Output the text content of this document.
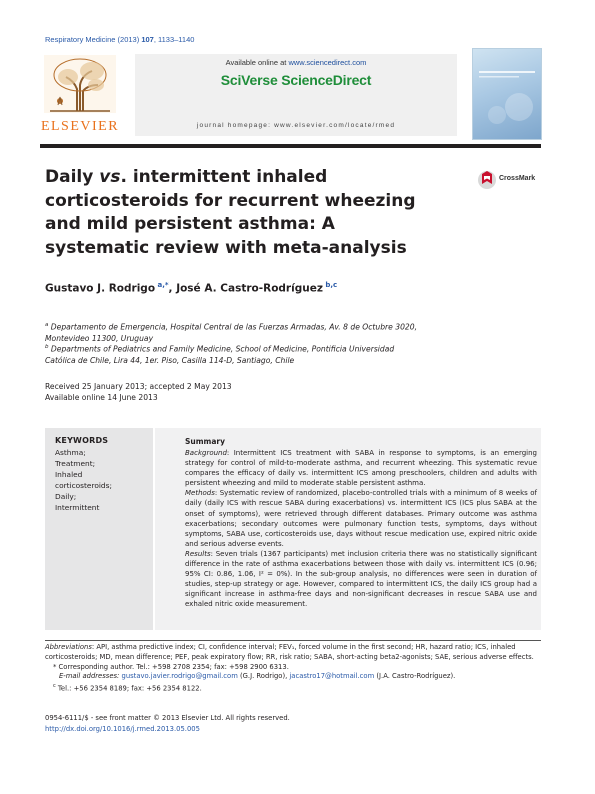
Respiratory Medicine (2013) 107, 1133–1140
ELSEVIER
Available online at www.sciencedirect.com
SciVerse ScienceDirect
journal homepage: www.elsevier.com/locate/rmed
Daily vs. intermittent inhaled corticosteroids for recurrent wheezing and mild persistent asthma: A systematic review with meta-analysis
CrossMark
Gustavo J. Rodrigo $^{a,*}$, José A. Castro-Rodríguez $^{b,c}$
$^a$ Departamento de Emergencia, Hospital Central de las Fuerzas Armadas, Av. 8 de Octubre 3020,
Montevideo 11300, Uruguay
$^b$ Departments of Pediatrics and Family Medicine, School of Medicine, Pontificia Universidad
Católica de Chile, Lira 44, 1er. Piso, Casilla 114-D, Santiago, Chile
Received 25 January 2013; accepted 2 May 2013
Available online 14 June 2013
KEYWORDS
Asthma;
Treatment;
Inhaled
corticosteroids;
Daily;
Intermittent
Summary
Background: Intermittent ICS treatment with SABA in response to symptoms, is an emerging strategy for control of mild-to-moderate asthma, and recurrent wheezing. This systematic revue compares the efficacy of daily vs. intermittent ICS among preschoolers, children and adults with persistent wheezing and mild to moderate stable persistent asthma.
Methods: Systematic review of randomized, placebo-controlled trials with a minimum of 8 weeks of daily (daily ICS with rescue SABA during exacerbations) vs. intermittent ICS (ICS plus SABA at the onset of symptoms), were retrieved through different databases. Primary outcome was asthma exacerbations; secondary outcomes were pulmonary function tests, symptoms, days without symptoms, SABA use, corticosteroids use, days without rescue medication use, expired nitric oxide and serious adverse events.
Results: Seven trials (1367 participants) met inclusion criteria there was no statistically significant difference in the rate of asthma exacerbations between those with daily vs. intermittent ICS (0.96; 95% CI: 0.86, 1.06, I² = 0%). In the sub-group analysis, no differences were seen in duration of studies, step-up strategy or age. However, compared to intermittent ICS, the daily ICS group had a significant increase in asthma-free days and non-significant decreases in rescue SABA use and exhaled nitric oxide measurement.
Abbreviations: API, asthma predictive index; CI, confidence interval; FEV₁, forced volume in the first second; HR, hazard ratio; ICS, inhaled corticosteroids; MD, mean difference; PEF, peak expiratory flow; RR, risk ratio; SABA, short-acting beta2-agonists; SAE, serious adverse effects.
* Corresponding author. Tel.: +598 2708 2354; fax: +598 2900 6313.
E-mail addresses: gustavo.javier.rodrigo@gmail.com (G.J. Rodrigo), jacastro17@hotmail.com (J.A. Castro-Rodríguez).
$^c$ Tel.: +56 2354 8189; fax: +56 2354 8122.
0954-6111/$ - see front matter © 2013 Elsevier Ltd. All rights reserved.
http://dx.doi.org/10.1016/j.rmed.2013.05.005
